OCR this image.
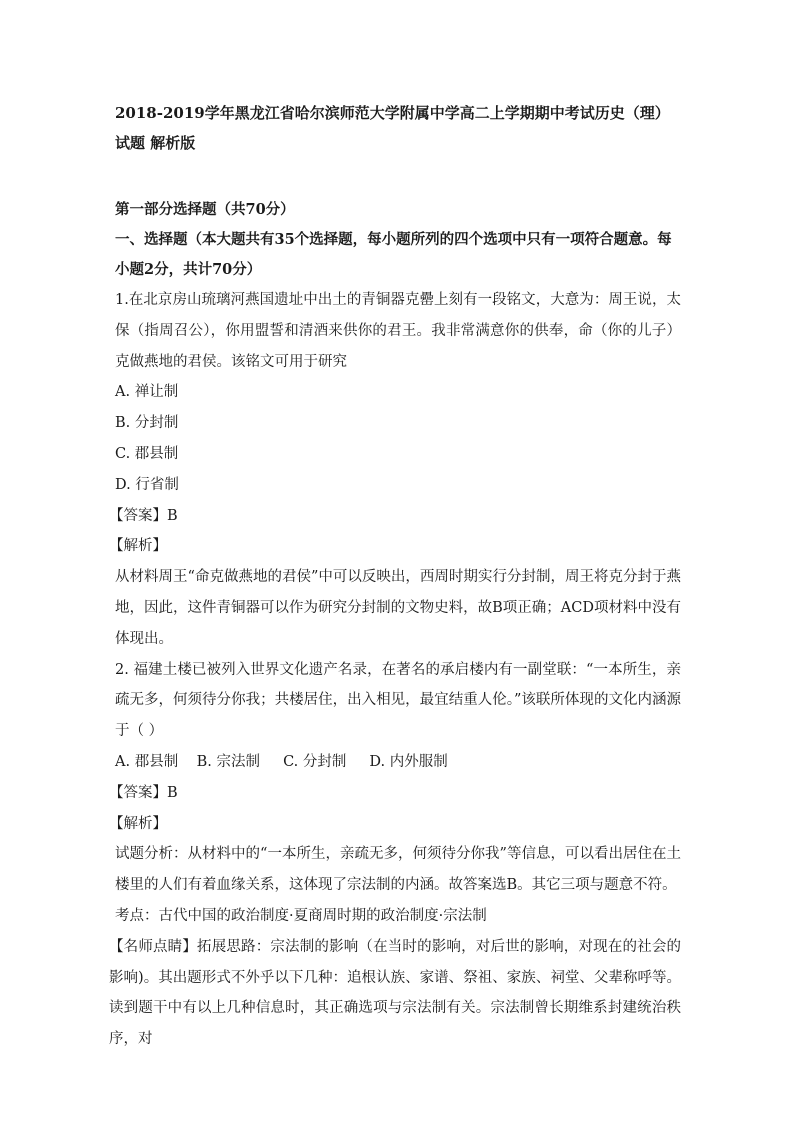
2018-2019学年黑龙江省哈尔滨师范大学附属中学高二上学期期中考试历史（理）试题 解析版
第一部分选择题（共70分）
一、选择题（本大题共有35个选择题，每小题所列的四个选项中只有一项符合题意。每小题2分，共计70分）

1.在北京房山琉璃河燕国遗址中出土的青铜器克罍上刻有一段铭文，大意为：周王说，太保（指周召公），你用盟誓和清酒来供你的君王。我非常满意你的供奉，命（你的儿子）克做燕地的君侯。该铭文可用于研究

A. 禅让制
B. 分封制
C. 郡县制
D. 行省制
【答案】B
【解析】

从材料周王“命克做燕地的君侯”中可以反映出，西周时期实行分封制，周王将克分封于燕地，因此，这件青铜器可以作为研究分封制的文物史料，故B项正确；ACD项材料中没有体现出。

2. 福建土楼已被列入世界文化遗产名录，在著名的承启楼内有一副堂联：“一本所生，亲疏无多，何须待分你我；共楼居住，出入相见，最宜结重人伦。”该联所体现的文化内涵源于（ ）

A. 郡县制
B. 宗法制
C. 分封制
D. 内外服制
【答案】B
【解析】

试题分析：从材料中的“一本所生，亲疏无多，何须待分你我”等信息，可以看出居住在土楼里的人们有着血缘关系，这体现了宗法制的内涵。故答案选B。其它三项与题意不符。

考点：古代中国的政治制度·夏商周时期的政治制度·宗法制

【名师点睛】拓展思路：宗法制的影响（在当时的影响，对后世的影响，对现在的社会的影响)。其出题形式不外乎以下几种：追根认族、家谱、祭祖、家族、祠堂、父辈称呼等。读到题干中有以上几种信息时，其正确选项与宗法制有关。宗法制曾长期维系封建统治秩序，对
